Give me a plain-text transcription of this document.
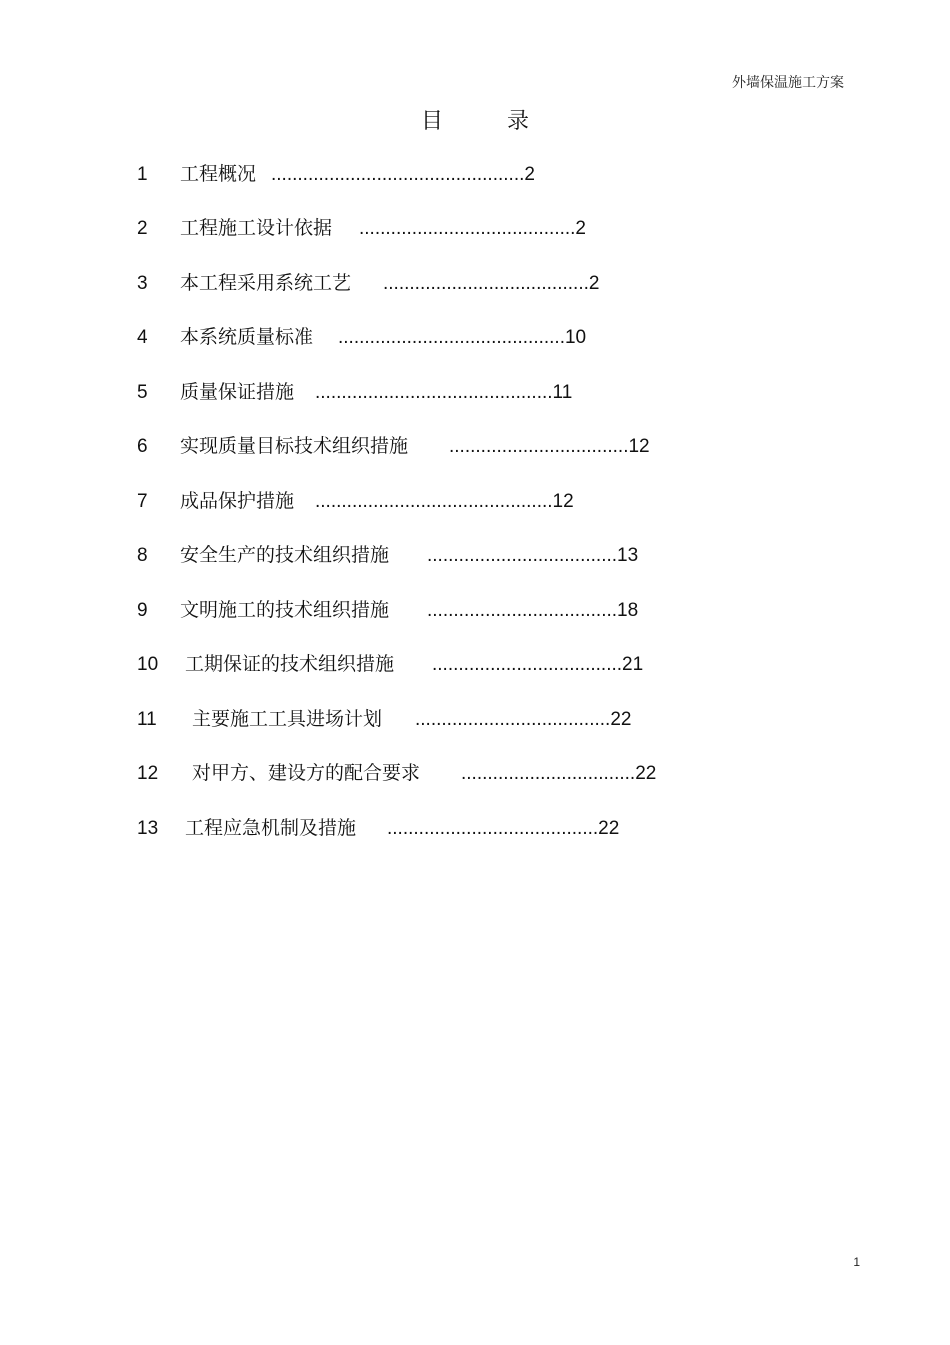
外墙保温施工方案
目	录
1 工程概况 ................................................2
2 工程施工设计依据 .........................................2
3 本工程采用系统工艺 .......................................2
4 本系统质量标准 ...........................................10
5 质量保证措施 .............................................11
6 实现质量目标技术组织措施 ..................................12
7 成品保护措施 .............................................12
8 安全生产的技术组织措施 ....................................13
9 文明施工的技术组织措施 ....................................18
10 工期保证的技术组织措施 ....................................21
11 主要施工工具进场计划 .....................................22
12 对甲方、建设方的配合要求 .................................22
13 工程应急机制及措施 ........................................22
1
